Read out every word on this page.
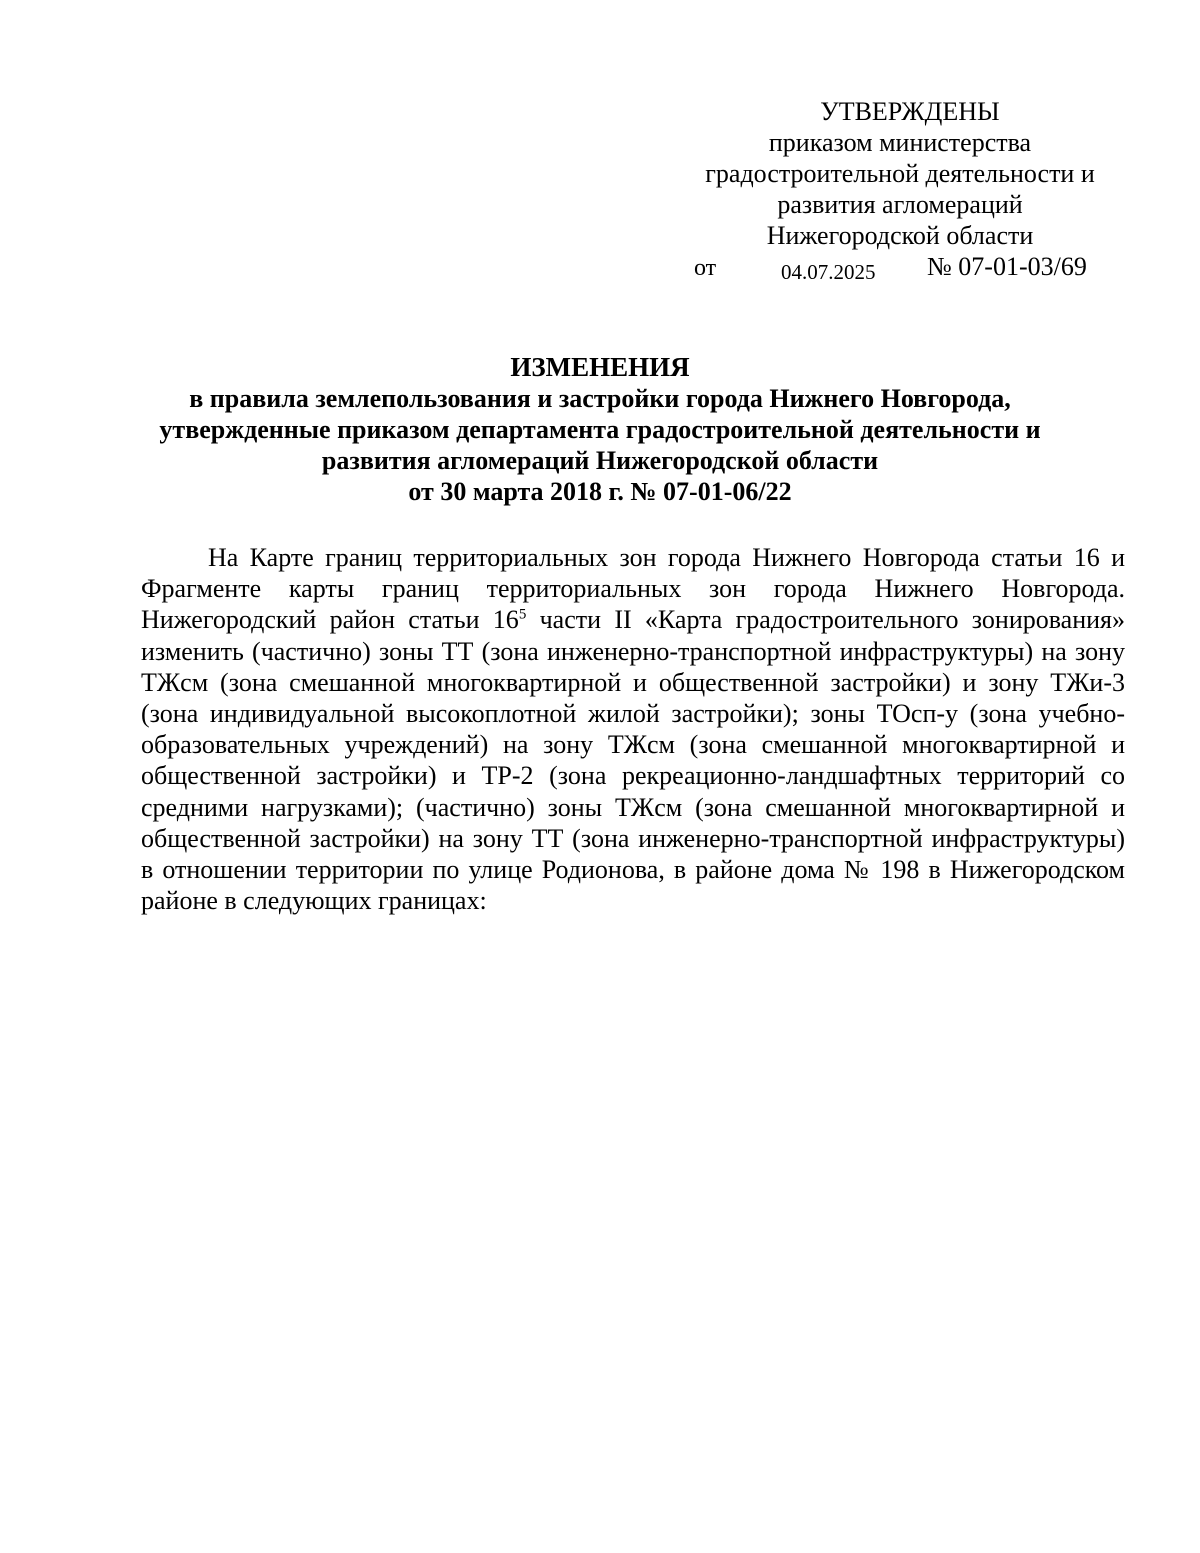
УТВЕРЖДЕНЫ
приказом министерства
градостроительной деятельности и
развития агломераций
Нижегородской области
от	04.07.2025 № 07-01-03/69
ИЗМЕНЕНИЯ
в правила землепользования и застройки города Нижнего Новгорода,
утвержденные приказом департамента градостроительной деятельности и
развития агломераций Нижегородской области
от 30 марта 2018 г. № 07-01-06/22
На Карте границ территориальных зон города Нижнего Новгорода статьи 16 и Фрагменте карты границ территориальных зон города Нижнего Новгорода. Нижегородский район статьи $16^5$ части II «Карта градостроительного зонирования» изменить (частично) зоны ТТ (зона инженерно-транспортной инфраструктуры) на зону ТЖсм (зона смешанной многоквартирной и общественной застройки) и зону ТЖи-3 (зона индивидуальной высокоплотной жилой застройки); зоны ТОсп-у (зона учебно-образовательных учреждений) на зону ТЖсм (зона смешанной многоквартирной и общественной застройки) и ТР-2 (зона рекреационно-ландшафтных территорий со средними нагрузками); (частично) зоны ТЖсм (зона смешанной многоквартирной и общественной застройки) на зону ТТ (зона инженерно-транспортной инфраструктуры) в отношении территории по улице Родионова, в районе дома № 198 в Нижегородском районе в следующих границах:
